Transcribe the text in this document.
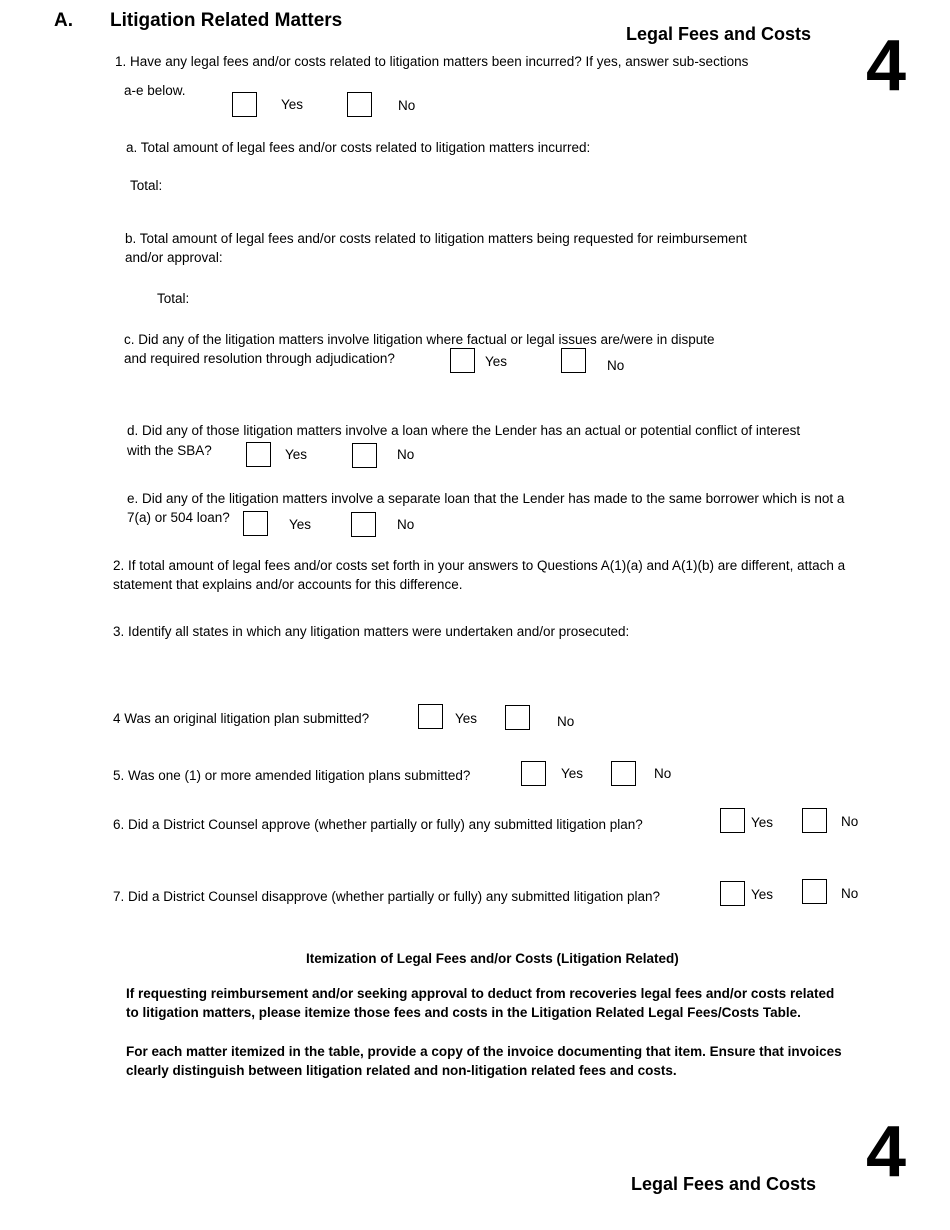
A. Litigation Related Matters
Legal Fees and Costs 4
1. Have any legal fees and/or costs related to litigation matters been incurred? If yes, answer sub-sections
a-e below.
Yes	No
a. Total amount of legal fees and/or costs related to litigation matters incurred:
Total:
b. Total amount of legal fees and/or costs related to litigation matters being requested for reimbursement
and/or approval:
Total:
c. Did any of the litigation matters involve litigation where factual or legal issues are/were in dispute
and required resolution through adjudication?	Yes	No
d. Did any of those litigation matters involve a loan where the Lender has an actual or potential conflict of interest
with the SBA?	Yes	No
e. Did any of the litigation matters involve a separate loan that the Lender has made to the same borrower which is not a
7(a) or 504 loan?	Yes	No
2. If total amount of legal fees and/or costs set forth in your answers to Questions A(1)(a) and A(1)(b) are different, attach a
statement that explains and/or accounts for this difference.
3. Identify all states in which any litigation matters were undertaken and/or prosecuted:
4 Was an original litigation plan submitted?	Yes	No
5. Was one (1) or more amended litigation plans submitted?	Yes	No
6. Did a District Counsel approve (whether partially or fully) any submitted litigation plan?	Yes	No
7. Did a District Counsel disapprove (whether partially or fully) any submitted litigation plan?	Yes	No
Itemization of Legal Fees and/or Costs (Litigation Related)
If requesting reimbursement and/or seeking approval to deduct from recoveries legal fees and/or costs related
to litigation matters, please itemize those fees and costs in the Litigation Related Legal Fees/Costs Table.
For each matter itemized in the table, provide a copy of the invoice documenting that item. Ensure that invoices
clearly distinguish between litigation related and non-litigation related fees and costs.
4
Legal Fees and Costs
